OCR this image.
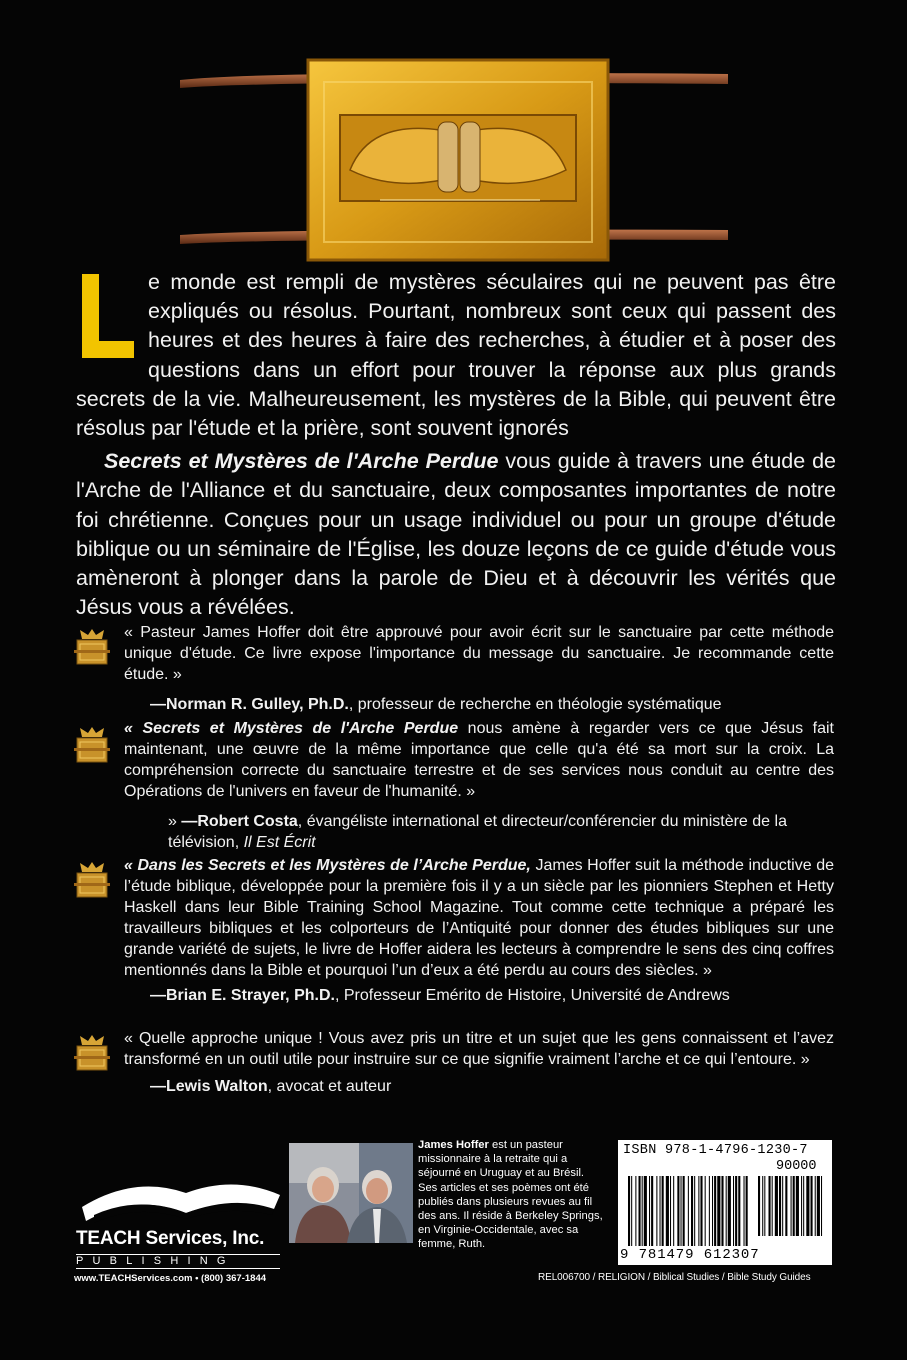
e monde est rempli de mystères séculaires qui ne peuvent pas être expliqués ou résolus. Pourtant, nombreux sont ceux qui passent des heures et des heures à faire des recherches, à étudier et à poser des questions dans un effort pour trouver la réponse aux plus grands secrets de la vie. Malheureusement, les mystères de la Bible, qui peuvent être résolus par l'étude et la prière, sont souvent ignorés

Secrets et Mystères de l'Arche Perdue vous guide à travers une étude de l'Arche de l'Alliance et du sanctuaire, deux composantes importantes de notre foi chrétienne. Conçues pour un usage individuel ou pour un groupe d'étude biblique ou un séminaire de l'Église, les douze leçons de ce guide d'étude vous amèneront à plonger dans la parole de Dieu et à découvrir les vérités que Jésus vous a révélées.

« Pasteur James Hoffer doit être approuvé pour avoir écrit sur le sanctuaire par cette méthode unique d'étude. Ce livre expose l'importance du message du sanctuaire. Je recommande cette étude. »
—Norman R. Gulley, Ph.D., professeur de recherche en théologie systématique
« Secrets et Mystères de l'Arche Perdue nous amène à regarder vers ce que Jésus fait maintenant, une œuvre de la même importance que celle qu'a été sa mort sur la croix. La compréhension correcte du sanctuaire terrestre et de ses services nous conduit au centre des Opérations de l'univers en faveur de l'humanité. »
» —Robert Costa, évangéliste international et directeur/conférencier du ministère de la télévision, Il Est Écrit
« Dans les Secrets et les Mystères de l’Arche Perdue, James Hoffer suit la méthode inductive de l’étude biblique, développée pour la première fois il y a un siècle par les pionniers Stephen et Hetty Haskell dans leur Bible Training School Magazine. Tout comme cette technique a préparé les travailleurs bibliques et les colporteurs de l’Antiquité pour donner des études bibliques sur une grande variété de sujets, le livre de Hoffer aidera les lecteurs à comprendre le sens des cinq coffres mentionnés dans la Bible et pourquoi l’un d’eux a été perdu au cours des siècles. »
—Brian E. Strayer, Ph.D., Professeur Emérito de Histoire, Université de Andrews
« Quelle approche unique ! Vous avez pris un titre et un sujet que les gens connaissent et l’avez transformé en un outil utile pour instruire sur ce que signifie vraiment l’arche et ce qui l’entoure. »
—Lewis Walton, avocat et auteur
TEACH Services, Inc.
PUBLISHING
www.TEACHServices.com • (800) 367-1844
James Hoffer est un pasteur missionnaire à la retraite qui a séjourné en Uruguay et au Brésil. Ses articles et ses poèmes ont été publiés dans plusieurs revues au fil des ans. Il réside à Berkeley Springs, en Virginie-Occidentale, avec sa femme, Ruth.
ISBN 978-1-4796-1230-7
90000
9 781479 612307
REL006700 / RELIGION / Biblical Studies / Bible Study Guides
